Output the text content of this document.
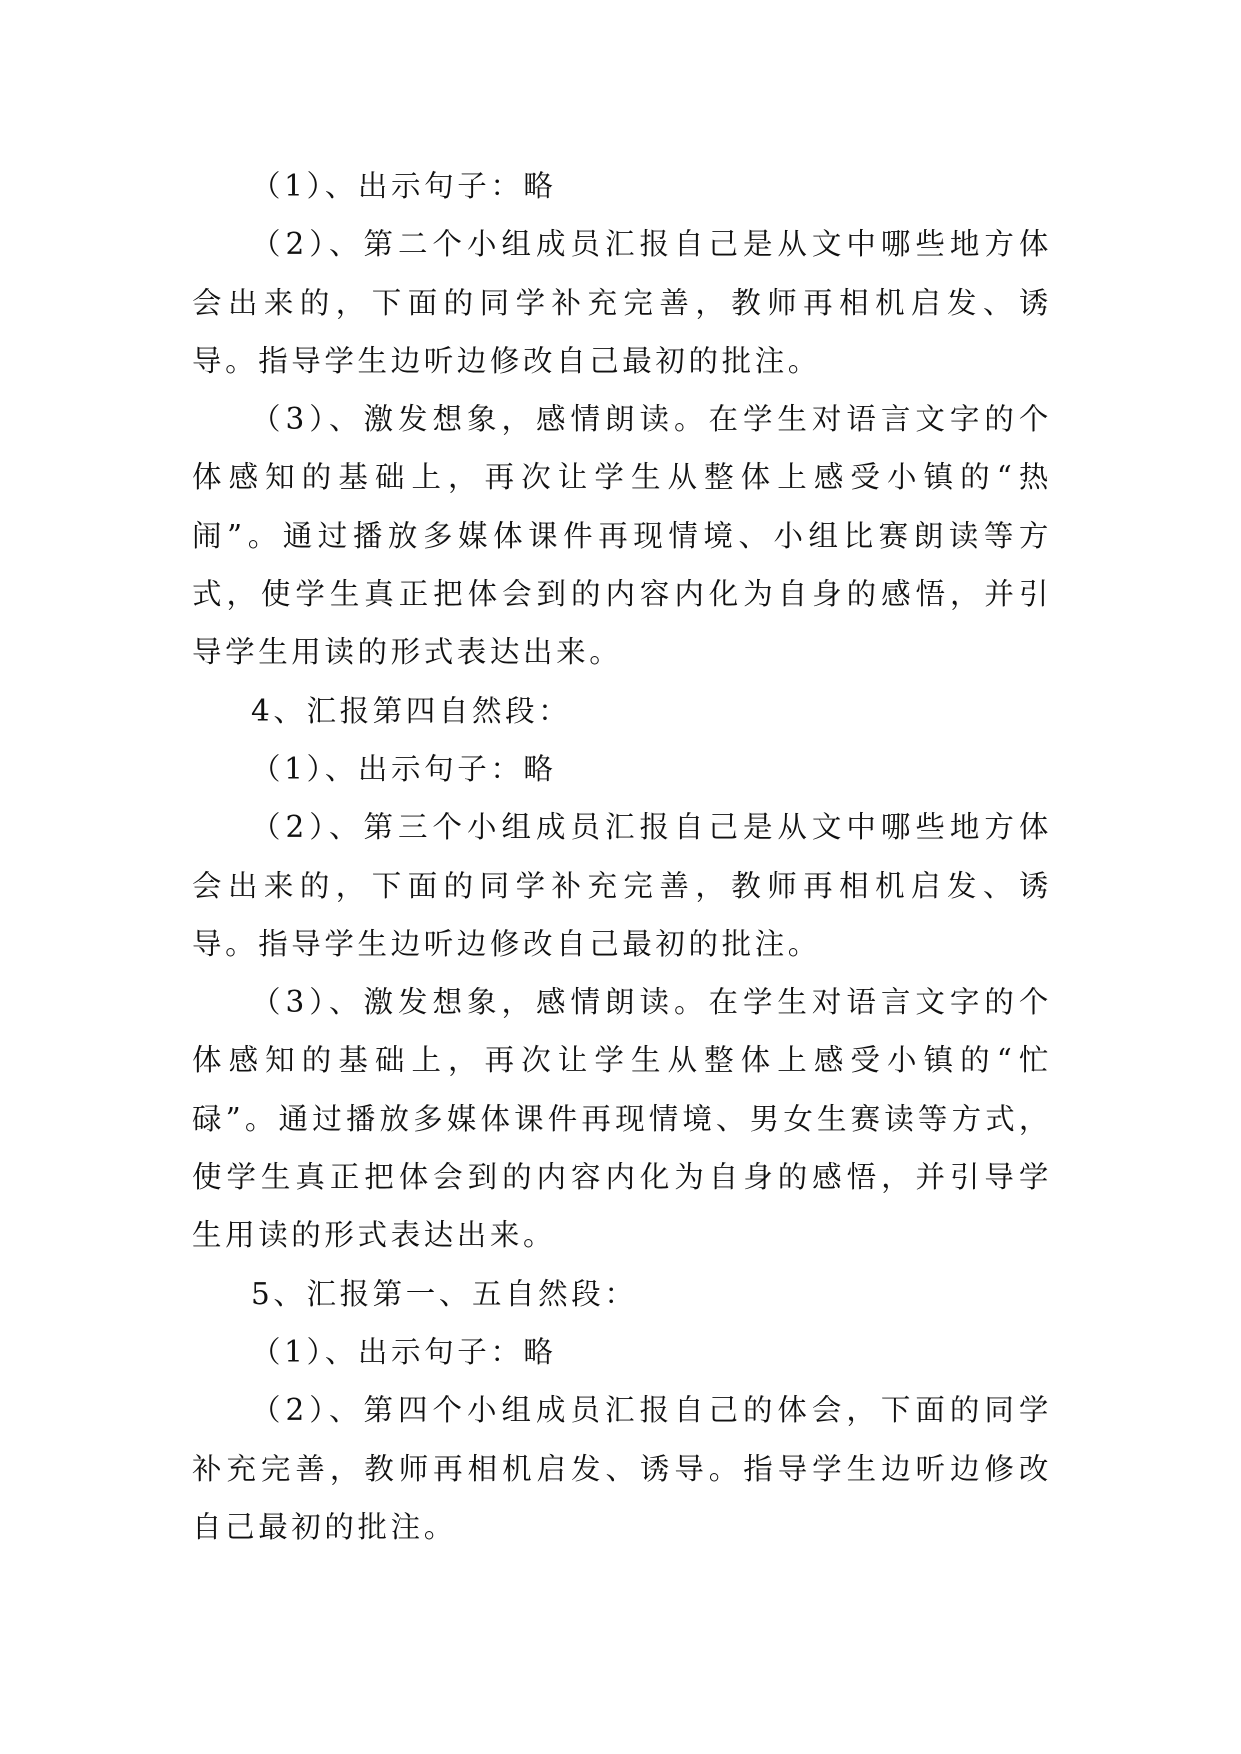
（1）、出示句子：略

（2）、第二个小组成员汇报自己是从文中哪些地方体会出来的，下面的同学补充完善，教师再相机启发、诱导。指导学生边听边修改自己最初的批注。

（3）、激发想象，感情朗读。在学生对语言文字的个体感知的基础上，再次让学生从整体上感受小镇的“热闹”。通过播放多媒体课件再现情境、小组比赛朗读等方式，使学生真正把体会到的内容内化为自身的感悟，并引导学生用读的形式表达出来。

4、汇报第四自然段：

（1）、出示句子：略

（2）、第三个小组成员汇报自己是从文中哪些地方体会出来的，下面的同学补充完善，教师再相机启发、诱导。指导学生边听边修改自己最初的批注。

（3）、激发想象，感情朗读。在学生对语言文字的个体感知的基础上，再次让学生从整体上感受小镇的“忙碌”。通过播放多媒体课件再现情境、男女生赛读等方式，使学生真正把体会到的内容内化为自身的感悟，并引导学生用读的形式表达出来。

5、汇报第一、五自然段：

（1）、出示句子：略

（2）、第四个小组成员汇报自己的体会，下面的同学补充完善，教师再相机启发、诱导。指导学生边听边修改自己最初的批注。
